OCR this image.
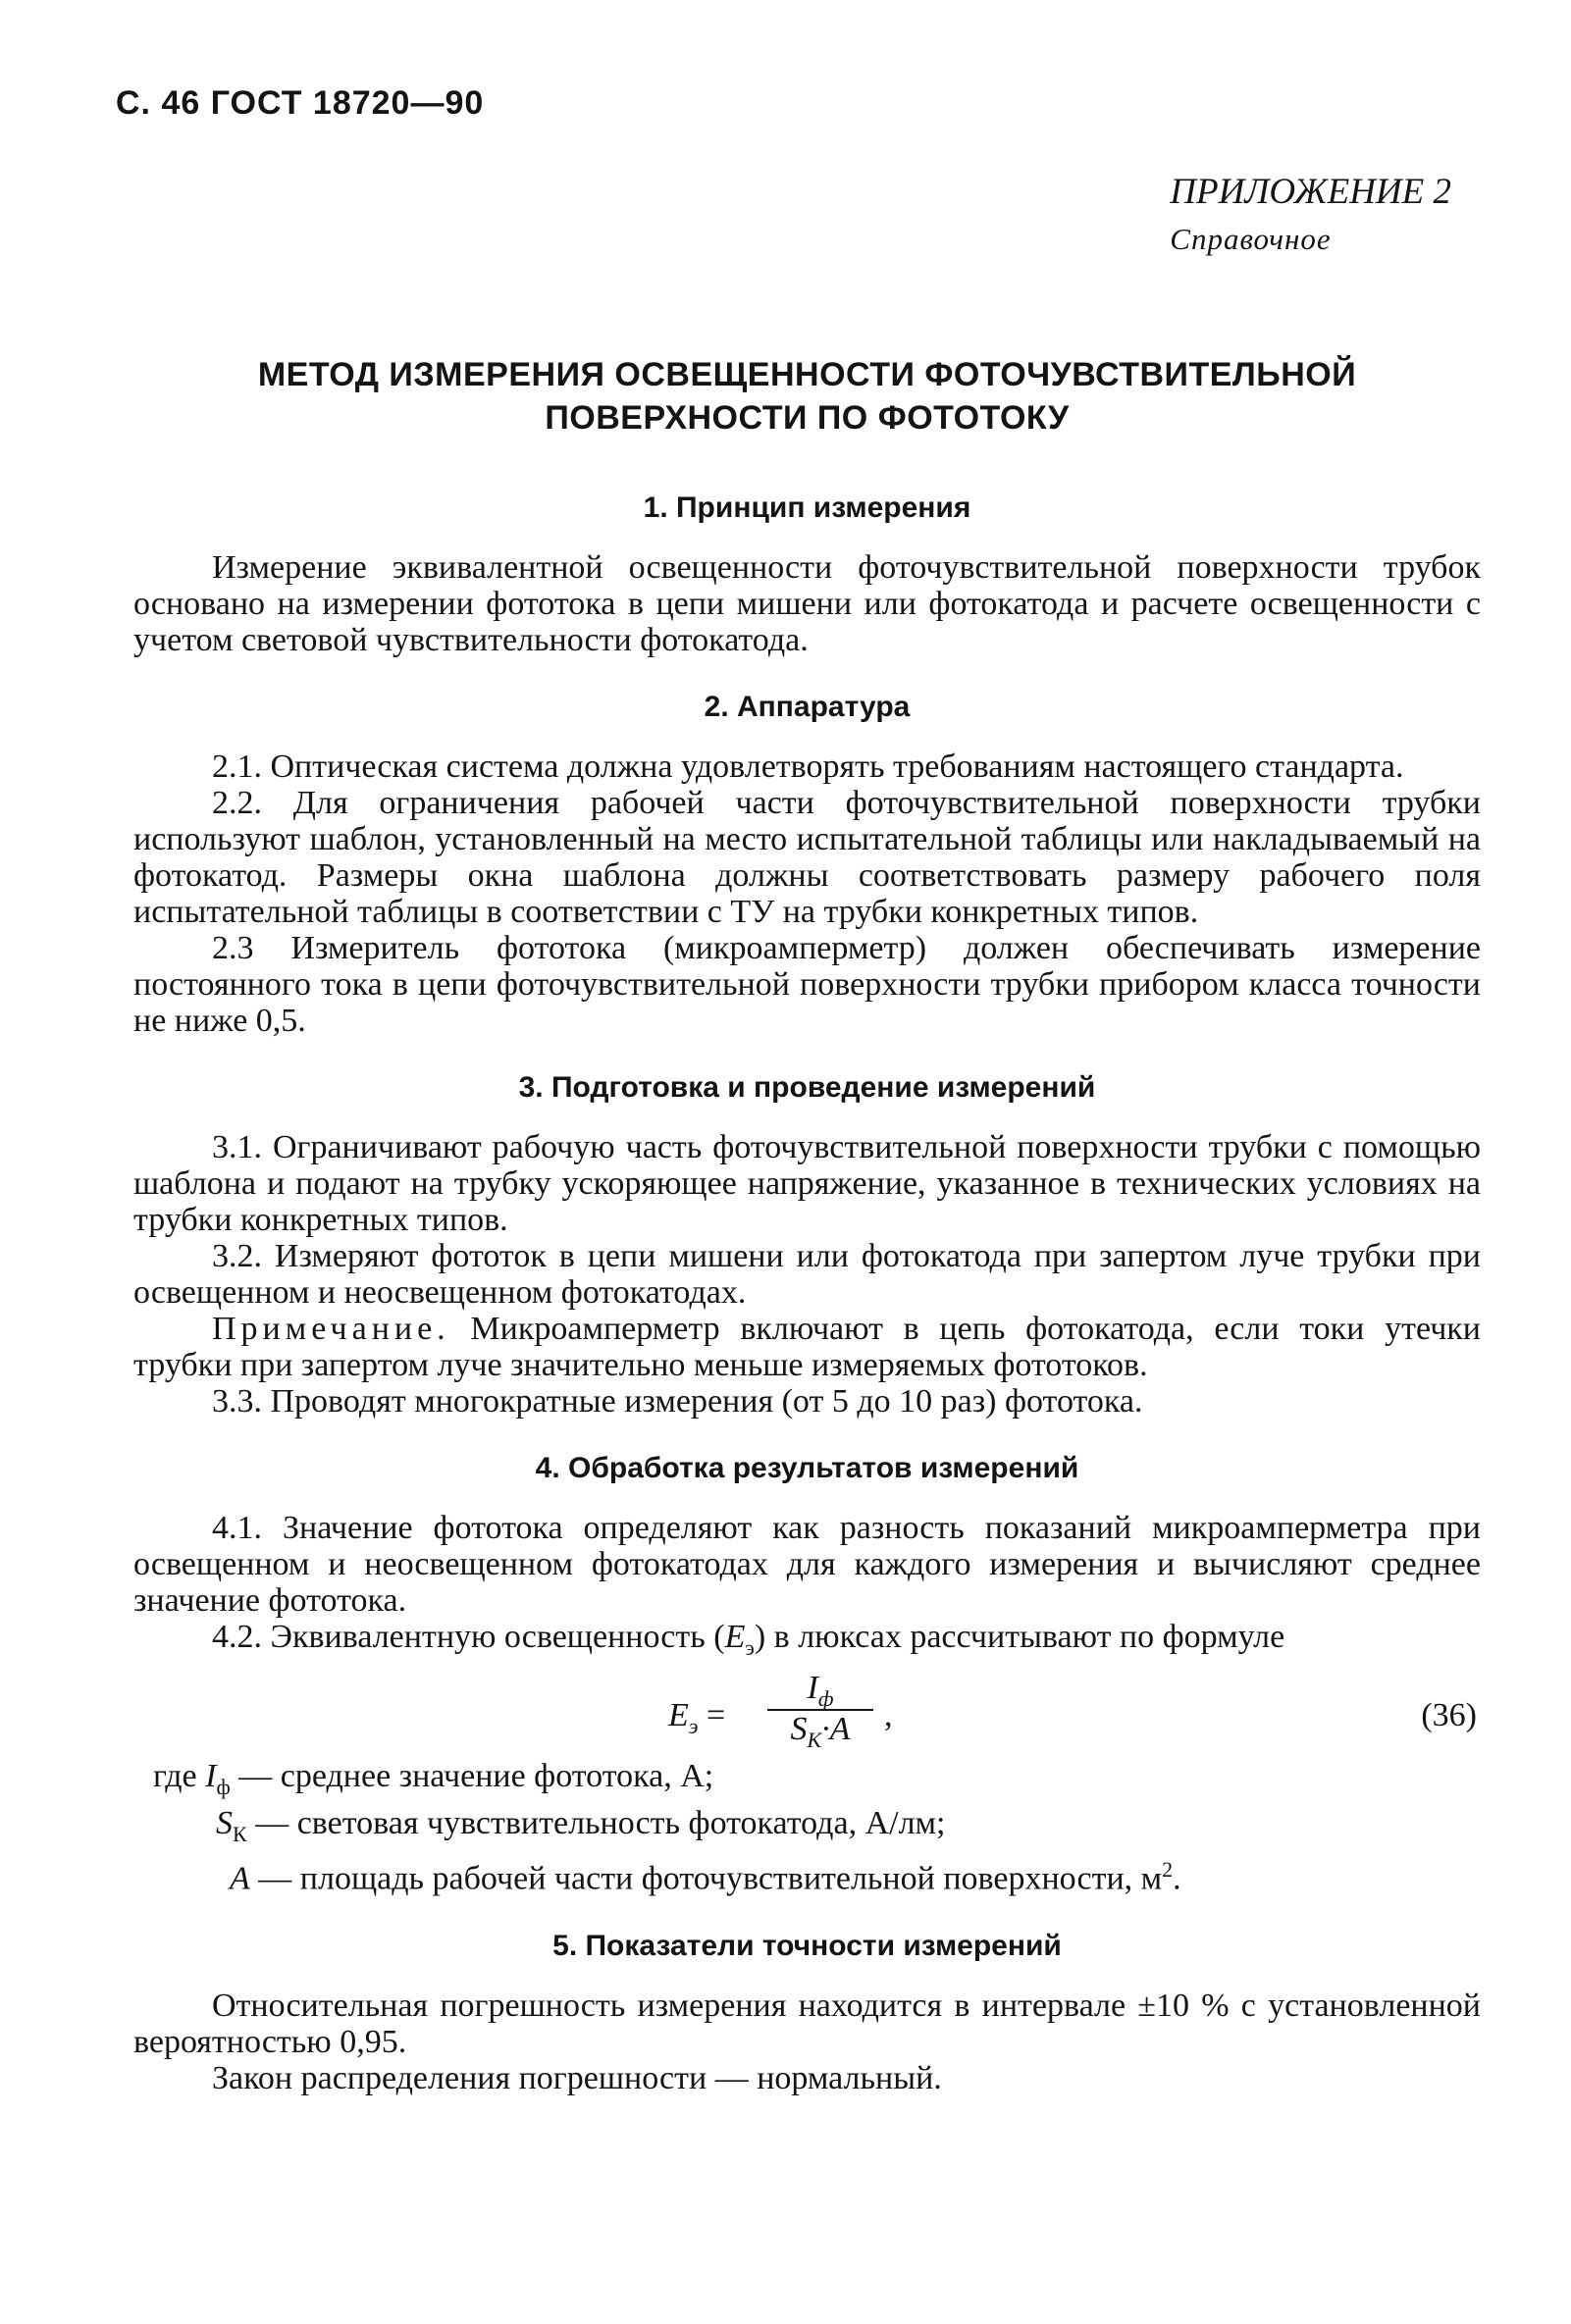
С. 46 ГОСТ 18720—90
ПРИЛОЖЕНИЕ 2
Справочное
МЕТОД ИЗМЕРЕНИЯ ОСВЕЩЕННОСТИ ФОТОЧУВСТВИТЕЛЬНОЙ ПОВЕРХНОСТИ ПО ФОТОТОКУ
1. Принцип измерения

Измерение эквивалентной освещенности фоточувствительной поверхности трубок основано на измерении фототока в цепи мишени или фотокатода и расчете освещенности с учетом световой чувствительности фотокатода.

2. Аппаратура

2.1. Оптическая система должна удовлетворять требованиям настоящего стандарта.

2.2. Для ограничения рабочей части фоточувствительной поверхности трубки используют шаблон, установленный на место испытательной таблицы или накладываемый на фотокатод. Размеры окна шаблона должны соответствовать размеру рабочего поля испытательной таблицы в соответствии с ТУ на трубки конкретных типов.

2.3 Измеритель фототока (микроамперметр) должен обеспечивать измерение постоянного тока в цепи фоточувствительной поверхности трубки прибором класса точности не ниже 0,5.

3. Подготовка и проведение измерений

3.1. Ограничивают рабочую часть фоточувствительной поверхности трубки с помощью шаблона и подают на трубку ускоряющее напряжение, указанное в технических условиях на трубки конкретных типов.

3.2. Измеряют фототок в цепи мишени или фотокатода при запертом луче трубки при освещенном и неосвещенном фотокатодах.

Примечание. Микроамперметр включают в цепь фотокатода, если токи утечки трубки при запертом луче значительно меньше измеряемых фототоков.

3.3. Проводят многократные измерения (от 5 до 10 раз) фототока.

4. Обработка результатов измерений

4.1. Значение фототока определяют как разность показаний микроамперметра при освещенном и неосвещенном фотокатодах для каждого измерения и вычисляют среднее значение фототока.

4.2. Эквивалентную освещенность $(E_э)$ в люксах рассчитывают по формуле

$E_э$ =
$I_ф$
$S_К\cdot A$	,	(36)
где $I_ф$ — среднее значение фототока, А;
$S_К$ — световая чувствительность фотокатода, А/лм;
A — площадь рабочей части фоточувствительной поверхности, $м^2$.
5. Показатели точности измерений

Относительная погрешность измерения находится в интервале ±10 % с установленной вероятностью 0,95.

Закон распределения погрешности — нормальный.
